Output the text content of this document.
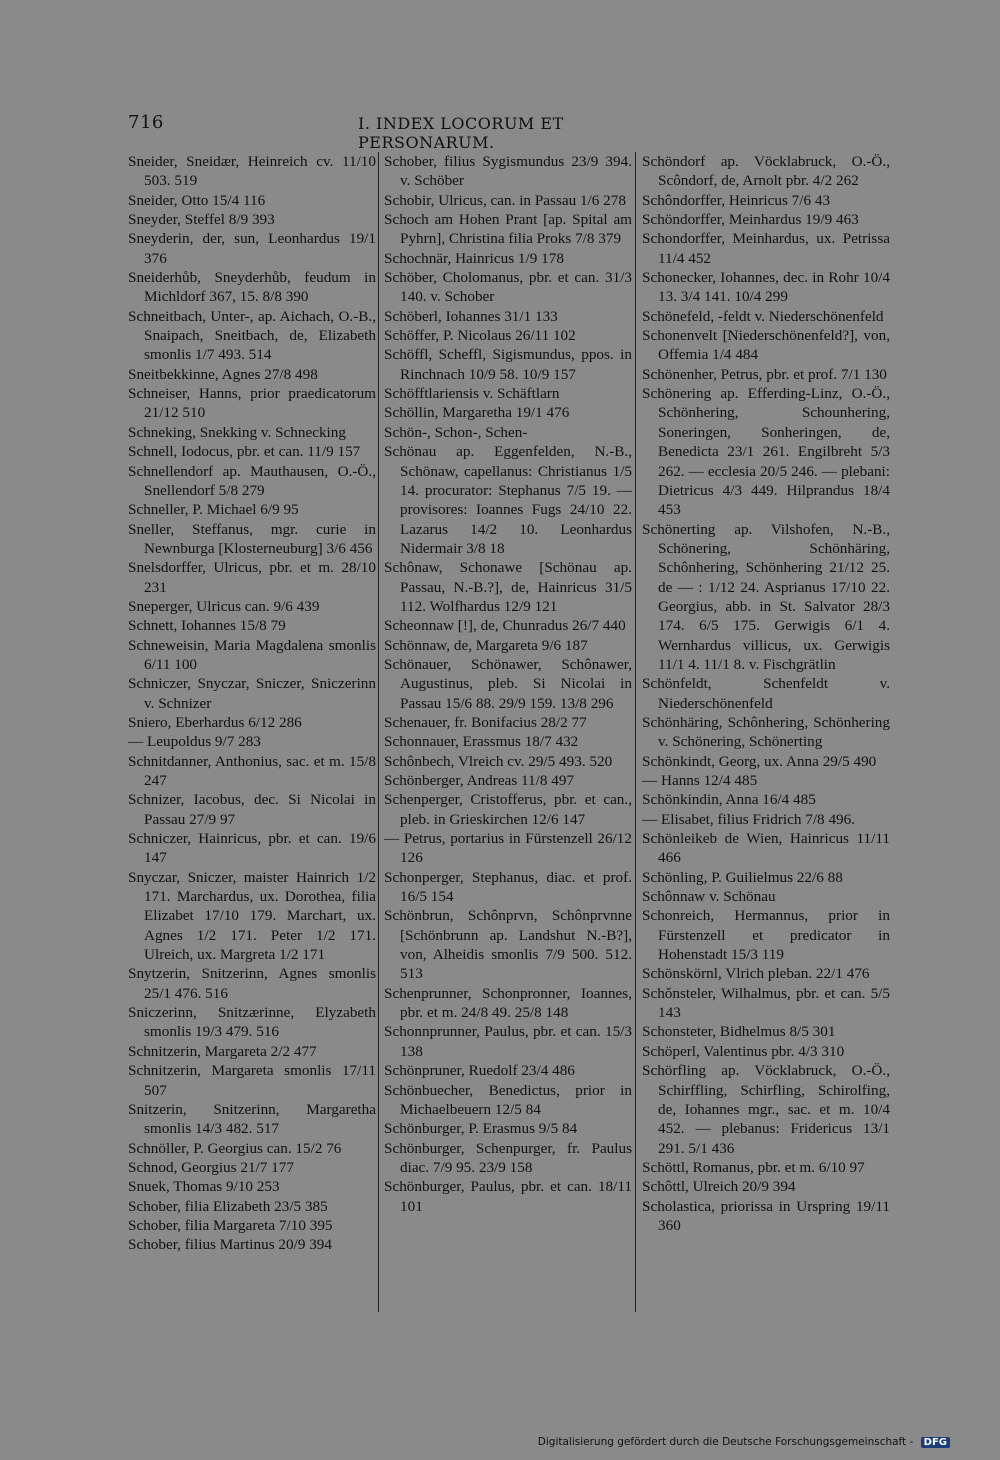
716	I. INDEX LOCORUM ET PERSONARUM.

Sneider, Sneidær, Heinreich cv. 11/10 503. 519

Sneider, Otto 15/4 116

Sneyder, Steffel 8/9 393

Sneyderin, der, sun, Leonhardus 19/1 376

Sneiderhůb, Sneyderhůb, feudum in Michldorf 367, 15. 8/8 390

Schneitbach, Unter-, ap. Aichach, O.-B., Snaipach, Sneitbach, de, Elizabeth smonlis 1/7 493. 514

Sneitbekkinne, Agnes 27/8 498

Schneiser, Hanns, prior praedicatorum 21/12 510

Schneking, Snekking v. Schnecking

Schnell, Iodocus, pbr. et can. 11/9 157

Schnellendorf ap. Mauthausen, O.-Ö., Snellendorf 5/8 279

Schneller, P. Michael 6/9 95

Sneller, Steffanus, mgr. curie in Newnburga [Klosterneuburg] 3/6 456

Snelsdorffer, Ulricus, pbr. et m. 28/10 231

Sneperger, Ulricus can. 9/6 439

Schnett, Iohannes 15/8 79

Schneweisin, Maria Magdalena smonlis 6/11 100

Schniczer, Snyczar, Sniczer, Sniczerinn v. Schnizer

Sniero, Eberhardus 6/12 286

— Leupoldus 9/7 283

Schnitdanner, Anthonius, sac. et m. 15/8 247

Schnizer, Iacobus, dec. Si Nicolai in Passau 27/9 97

Schniczer, Hainricus, pbr. et can. 19/6 147

Snyczar, Sniczer, maister Hainrich 1/2 171. Marchardus, ux. Dorothea, filia Elizabet 17/10 179. Marchart, ux. Agnes 1/2 171. Peter 1/2 171. Ulreich, ux. Margreta 1/2 171

Snytzerin, Snitzerinn, Agnes smonlis 25/1 476. 516

Sniczerinn, Snitzærinne, Elyzabeth smonlis 19/3 479. 516

Schnitzerin, Margareta 2/2 477

Schnitzerin, Margareta smonlis 17/11 507

Snitzerin, Snitzerinn, Margaretha smonlis 14/3 482. 517

Schnöller, P. Georgius can. 15/2 76

Schnod, Georgius 21/7 177

Snuek, Thomas 9/10 253

Schober, filia Elizabeth 23/5 385

Schober, filia Margareta 7/10 395

Schober, filius Martinus 20/9 394

Schober, filius Sygismundus 23/9 394. v. Schöber

Schobir, Ulricus, can. in Passau 1/6 278

Schoch am Hohen Prant [ap. Spital am Pyhrn], Christina filia Proks 7/8 379

Schochnär, Hainricus 1/9 178

Schöber, Cholomanus, pbr. et can. 31/3 140. v. Schober

Schöberl, Iohannes 31/1 133

Schöffer, P. Nicolaus 26/11 102

Schöffl, Scheffl, Sigismundus, ppos. in Rinchnach 10/9 58. 10/9 157

Schöfftlariensis v. Schäftlarn

Schöllin, Margaretha 19/1 476

Schön-, Schon-, Schen-

Schönau ap. Eggenfelden, N.-B., Schönaw, capellanus: Christianus 1/5 14. procurator: Stephanus 7/5 19. — provisores: Ioannes Fugs 24/10 22. Lazarus 14/2 10. Leonhardus Nidermair 3/8 18

Schônaw, Schonawe [Schönau ap. Passau, N.-B.?], de, Hainricus 31/5 112. Wolfhardus 12/9 121

Scheonnaw [!], de, Chunradus 26/7 440

Schönnaw, de, Margareta 9/6 187

Schönauer, Schönawer, Schônawer, Augustinus, pleb. Si Nicolai in Passau 15/6 88. 29/9 159. 13/8 296

Schenauer, fr. Bonifacius 28/2 77

Schonnauer, Erassmus 18/7 432

Schônbech, Vlreich cv. 29/5 493. 520

Schönberger, Andreas 11/8 497

Schenperger, Cristofferus, pbr. et can., pleb. in Grieskirchen 12/6 147

— Petrus, portarius in Fürstenzell 26/12 126

Schonperger, Stephanus, diac. et prof. 16/5 154

Schönbrun, Schônprvn, Schônprvnne [Schönbrunn ap. Landshut N.-B?], von, Alheidis smonlis 7/9 500. 512. 513

Schenprunner, Schonpronner, Ioannes, pbr. et m. 24/8 49. 25/8 148

Schonnprunner, Paulus, pbr. et can. 15/3 138

Schönpruner, Ruedolf 23/4 486

Schönbuecher, Benedictus, prior in Michaelbeuern 12/5 84

Schönburger, P. Erasmus 9/5 84

Schönburger, Schenpurger, fr. Paulus diac. 7/9 95. 23/9 158

Schönburger, Paulus, pbr. et can. 18/11 101

Schöndorf ap. Vöcklabruck, O.-Ö., Scôndorf, de, Arnolt pbr. 4/2 262

Schôndorffer, Heinricus 7/6 43

Schöndorffer, Meinhardus 19/9 463

Schondorffer, Meinhardus, ux. Petrissa 11/4 452

Schonecker, Iohannes, dec. in Rohr 10/4 13. 3/4 141. 10/4 299

Schönefeld, -feldt v. Niederschönenfeld

Schonenvelt [Niederschönenfeld?], von, Offemia 1/4 484

Schönenher, Petrus, pbr. et prof. 7/1 130

Schönering ap. Efferding-Linz, O.-Ö., Schönhering, Schounhering, Soneringen, Sonheringen, de, Benedicta 23/1 261. Engilbreht 5/3 262. — ecclesia 20/5 246. — plebani: Dietricus 4/3 449. Hilprandus 18/4 453

Schönerting ap. Vilshofen, N.-B., Schönering, Schönhäring, Schônhering, Schönhering 21/12 25. de — : 1/12 24. Asprianus 17/10 22. Georgius, abb. in St. Salvator 28/3 174. 6/5 175. Gerwigis 6/1 4. Wernhardus villicus, ux. Gerwigis 11/1 4. 11/1 8. v. Fischgrätlin

Schönfeldt, Schenfeldt v. Niederschönenfeld

Schönhäring, Schônhering, Schönhering v. Schönering, Schönerting

Schönkindt, Georg, ux. Anna 29/5 490

— Hanns 12/4 485

Schönkindin, Anna 16/4 485

— Elisabet, filius Fridrich 7/8 496.

Schönleikeb de Wien, Hainricus 11/11 466

Schönling, P. Guilielmus 22/6 88

Schônnaw v. Schönau

Schonreich, Hermannus, prior in Fürstenzell et predicator in Hohenstadt 15/3 119

Schönskörnl, Vlrich pleban. 22/1 476

Schǒnsteler, Wilhalmus, pbr. et can. 5/5 143

Schonsteter, Bidhelmus 8/5 301

Schöperl, Valentinus pbr. 4/3 310

Schörfling ap. Vöcklabruck, O.-Ö., Schirffling, Schirfling, Schirolfing, de, Iohannes mgr., sac. et m. 10/4 452. — plebanus: Fridericus 13/1 291. 5/1 436

Schöttl, Romanus, pbr. et m. 6/10 97

Schôttl, Ulreich 20/9 394

Scholastica, priorissa in Urspring 19/11 360

Digitalisierung gefördert durch die Deutsche Forschungsgemeinschaft - DFG
